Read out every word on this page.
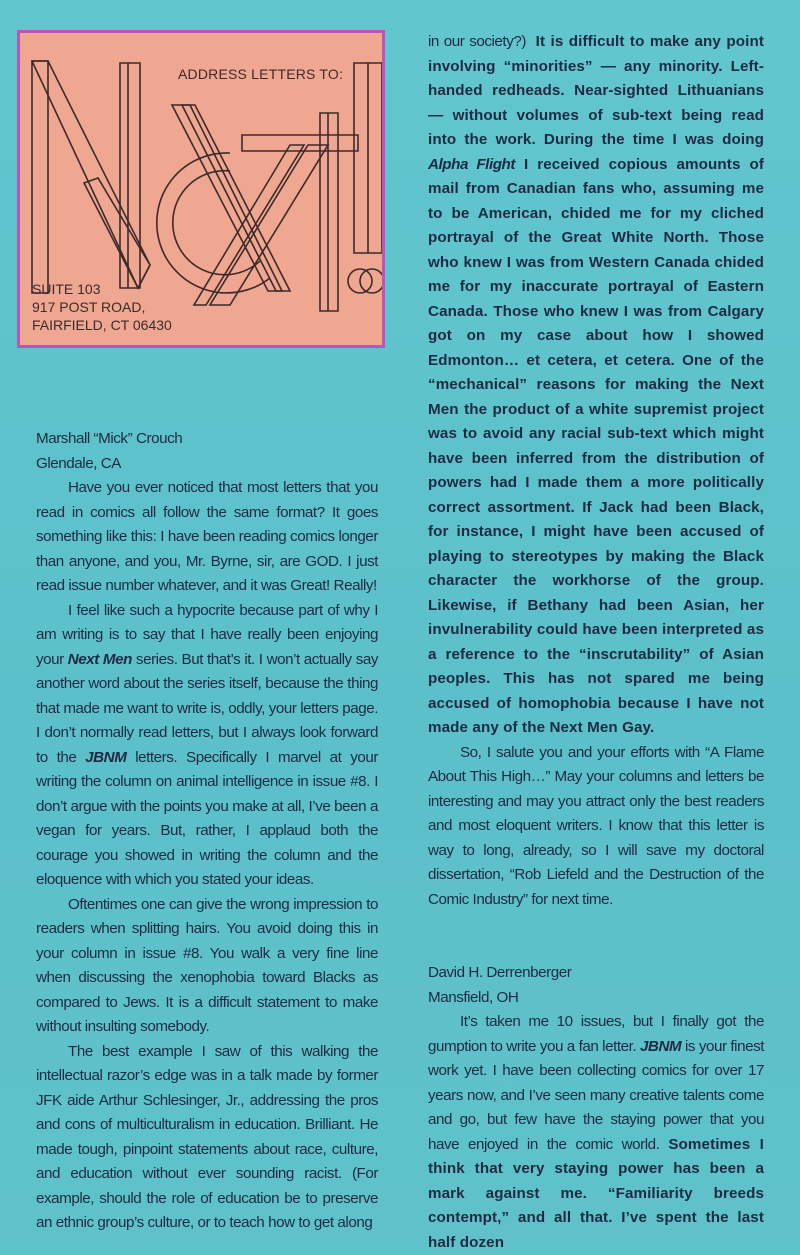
ADDRESS LETTERS TO:
SUITE 103
917 POST ROAD,
FAIRFIELD, CT 06430

Marshall “Mick” Crouch

Glendale, CA

Have you ever noticed that most letters that you read in comics all follow the same format? It goes something like this: I have been reading comics longer than anyone, and you, Mr. Byrne, sir, are GOD. I just read issue number whatever, and it was Great! Really!

I feel like such a hypocrite because part of why I am writing is to say that I have really been enjoying your Next Men series. But that’s it. I won’t actually say another word about the series itself, because the thing that made me want to write is, oddly, your letters page. I don’t normally read letters, but I always look forward to the JBNM letters. Specifically I marvel at your writing the column on animal intelligence in issue #8. I don’t argue with the points you make at all, I’ve been a vegan for years. But, rather, I applaud both the courage you showed in writing the column and the eloquence with which you stated your ideas.

Oftentimes one can give the wrong impression to readers when splitting hairs. You avoid doing this in your column in issue #8. You walk a very fine line when discussing the xenophobia toward Blacks as compared to Jews. It is a difficult statement to make without insulting somebody.

The best example I saw of this walking the intellectual razor’s edge was in a talk made by former JFK aide Arthur Schlesinger, Jr., addressing the pros and cons of multiculturalism in education. Brilliant. He made tough, pinpoint statements about race, culture, and education without ever sounding racist. (For example, should the role of education be to preserve an ethnic group’s culture, or to teach how to get along

in our society?) It is difficult to make any point involving “minorities” — any minority. Left-handed redheads. Near-sighted Lithuanians — without volumes of sub-text being read into the work. During the time I was doing Alpha Flight I received copious amounts of mail from Canadian fans who, assuming me to be American, chided me for my cliched portrayal of the Great White North. Those who knew I was from Western Canada chided me for my inaccurate portrayal of Eastern Canada. Those who knew I was from Calgary got on my case about how I showed Edmonton… et cetera, et cetera. One of the “mechanical” reasons for making the Next Men the product of a white supremist project was to avoid any racial sub-text which might have been inferred from the distribution of powers had I made them a more politically correct assortment. If Jack had been Black, for instance, I might have been accused of playing to stereotypes by making the Black character the workhorse of the group. Likewise, if Bethany had been Asian, her invulnerability could have been interpreted as a reference to the “inscrutability” of Asian peoples. This has not spared me being accused of homophobia because I have not made any of the Next Men Gay.

So, I salute you and your efforts with “A Flame About This High…” May your columns and letters be interesting and may you attract only the best readers and most eloquent writers. I know that this letter is way to long, already, so I will save my doctoral dissertation, “Rob Liefeld and the Destruction of the Comic Industry” for next time.

David H. Derrenberger

Mansfield, OH

It’s taken me 10 issues, but I finally got the gumption to write you a fan letter. JBNM is your finest work yet. I have been collecting comics for over 17 years now, and I’ve seen many creative talents come and go, but few have the staying power that you have enjoyed in the comic world. Sometimes I think that very staying power has been a mark against me. “Familiarity breeds contempt,” and all that. I’ve spent the last half dozen
